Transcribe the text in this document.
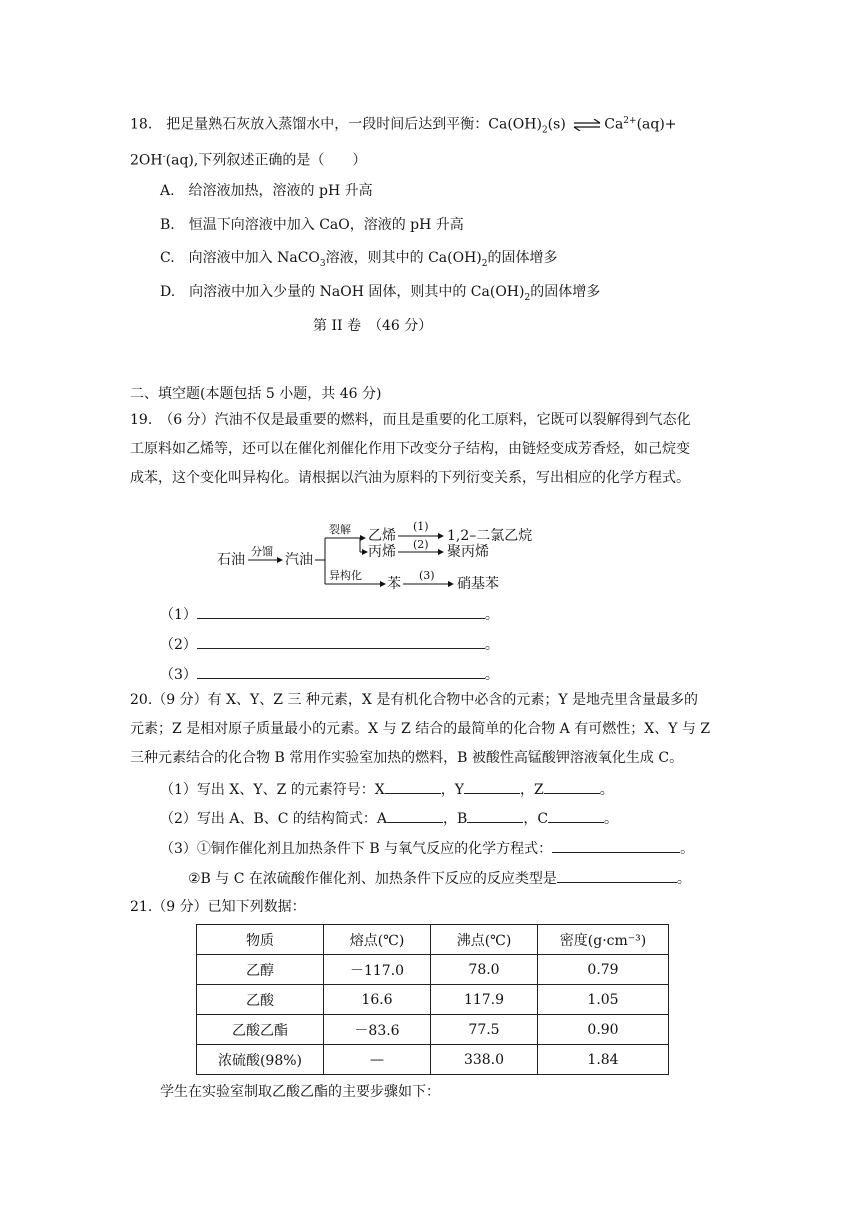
18.　把足量熟石灰放入蒸馏水中，一段时间后达到平衡：$Ca(OH)_2(s)$ ⇌ $Ca^{2+}(aq)+$
2OH-(aq),下列叙述正确的是（　　）
A.　给溶液加热，溶液的 pH 升高
B.　恒温下向溶液中加入 CaO，溶液的 pH 升高
C.　向溶液中加入 NaCO$_3$溶液，则其中的 $Ca(OH)_2$的固体增多
D.　向溶液中加入少量的 NaOH 固体，则其中的 $Ca(OH)_2$的固体增多
第 II 卷　（46 分）
二、填空题(本题包括 5 小题，共 46 分)
19.　（6 分）汽油不仅是最重要的燃料，而且是重要的化工原料，它既可以裂解得到气态化
工原料如乙烯等，还可以在催化剂催化作用下改变分子结构，由链烃变成芳香烃，如己烷变
成苯，这个变化叫异构化。请根据以汽油为原料的下列衍变关系，写出相应的化学方程式。
石油
分馏
汽油
裂解 乙烯
(1)
1,2–二氯乙烷
丙烯 (2) 聚丙烯
异构化
苯
(3)
硝基苯
（1）	。
（2）	。
（3）	。
20.（9 分）有 X、Y、Z 三 种元素，X 是有机化合物中必含的元素；Y 是地壳里含量最多的
元素；Z 是相对原子质量最小的元素。X 与 Z 结合的最简单的化合物 A 有可燃性；X、Y 与 Z
三种元素结合的化合物 B 常用作实验室加热的燃料，B 被酸性高锰酸钾溶液氧化生成 C。
（1）写出 X、Y、Z 的元素符号：X	，Y	，Z	。
（2）写出 A、B、C 的结构简式：A	，B	，C	。
（3）①铜作催化剂且加热条件下 B 与氧气反应的化学方程式：	。
②B 与 C 在浓硫酸作催化剂、加热条件下反应的反应类型是	。
21.（9 分）已知下列数据：
物质	熔点(℃)	沸点(℃)	密度(g·cm⁻³)
乙醇	－117.0	78.0	0.79
乙酸	16.6	117.9	1.05
乙酸乙酯	－83.6	77.5	0.90
浓硫酸(98%)	—	338.0	1.84
学生在实验室制取乙酸乙酯的主要步骤如下：
